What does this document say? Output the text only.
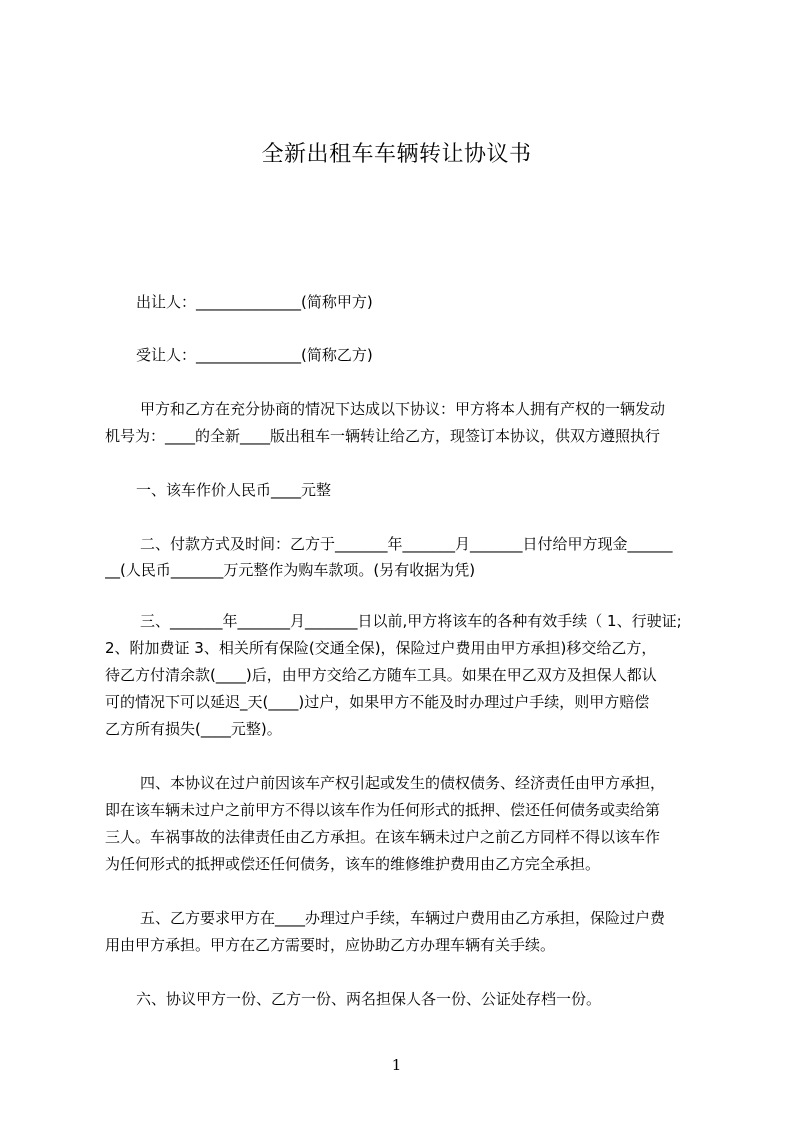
全新出租车车辆转让协议书
出让人：______________(简称甲方)
受让人：______________(简称乙方)
甲方和乙方在充分协商的情况下达成以下协议：甲方将本人拥有产权的一辆发动
机号为：____的全新____版出租车一辆转让给乙方，现签订本协议，供双方遵照执行
一、该车作价人民币____元整
二、付款方式及时间：乙方于_______年_______月_______日付给甲方现金______
__(人民币_______万元整作为购车款项。(另有收据为凭)
三、_______年_______月_______日以前,甲方将该车的各种有效手续（ 1、行驶证;
2、附加费证 3、相关所有保险(交通全保)，保险过户费用由甲方承担)移交给乙方，
待乙方付清余款(____)后，由甲方交给乙方随车工具。如果在甲乙双方及担保人都认
可的情况下可以延迟_天(____)过户，如果甲方不能及时办理过户手续，则甲方赔偿
乙方所有损失(____元整)。
四、本协议在过户前因该车产权引起或发生的债权债务、经济责任由甲方承担，
即在该车辆未过户之前甲方不得以该车作为任何形式的抵押、偿还任何债务或卖给第
三人。车祸事故的法律责任由乙方承担。在该车辆未过户之前乙方同样不得以该车作
为任何形式的抵押或偿还任何债务，该车的维修维护费用由乙方完全承担。
五、乙方要求甲方在____办理过户手续，车辆过户费用由乙方承担，保险过户费
用由甲方承担。甲方在乙方需要时，应协助乙方办理车辆有关手续。
六、协议甲方一份、乙方一份、两名担保人各一份、公证处存档一份。
1
